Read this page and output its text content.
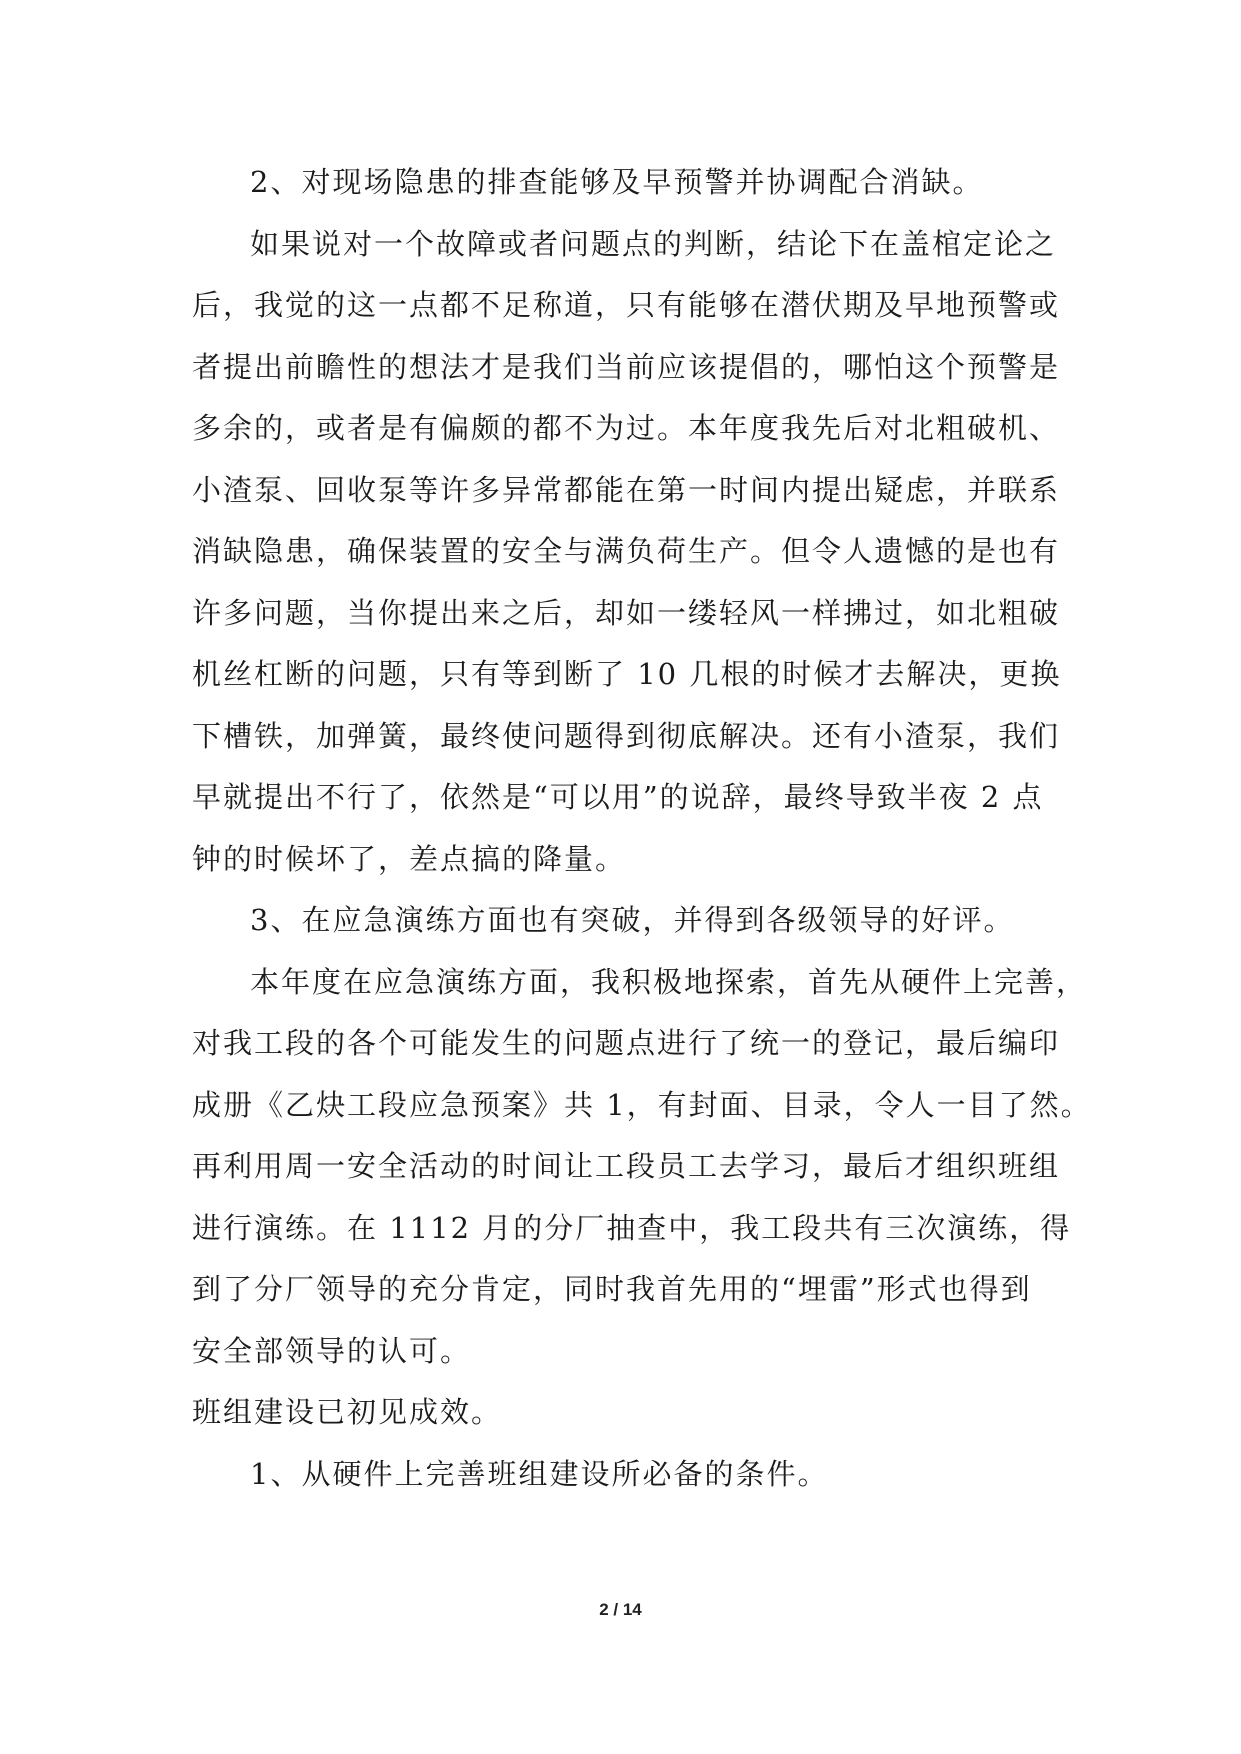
2、对现场隐患的排查能够及早预警并协调配合消缺。
如果说对一个故障或者问题点的判断，结论下在盖棺定论之
后，我觉的这一点都不足称道，只有能够在潜伏期及早地预警或
者提出前瞻性的想法才是我们当前应该提倡的，哪怕这个预警是
多余的，或者是有偏颇的都不为过。本年度我先后对北粗破机、
小渣泵、回收泵等许多异常都能在第一时间内提出疑虑，并联系
消缺隐患，确保装置的安全与满负荷生产。但令人遗憾的是也有
许多问题，当你提出来之后，却如一缕轻风一样拂过，如北粗破
机丝杠断的问题，只有等到断了 10 几根的时候才去解决，更换
下槽铁，加弹簧，最终使问题得到彻底解决。还有小渣泵，我们
早就提出不行了，依然是“可以用”的说辞，最终导致半夜 2 点
钟的时候坏了，差点搞的降量。
3、在应急演练方面也有突破，并得到各级领导的好评。
本年度在应急演练方面，我积极地探索，首先从硬件上完善，
对我工段的各个可能发生的问题点进行了统一的登记，最后编印
成册《乙炔工段应急预案》共 1，有封面、目录，令人一目了然。
再利用周一安全活动的时间让工段员工去学习，最后才组织班组
进行演练。在 1112 月的分厂抽查中，我工段共有三次演练，得
到了分厂领导的充分肯定，同时我首先用的“埋雷”形式也得到
安全部领导的认可。
班组建设已初见成效。
1、从硬件上完善班组建设所必备的条件。
2 / 14
